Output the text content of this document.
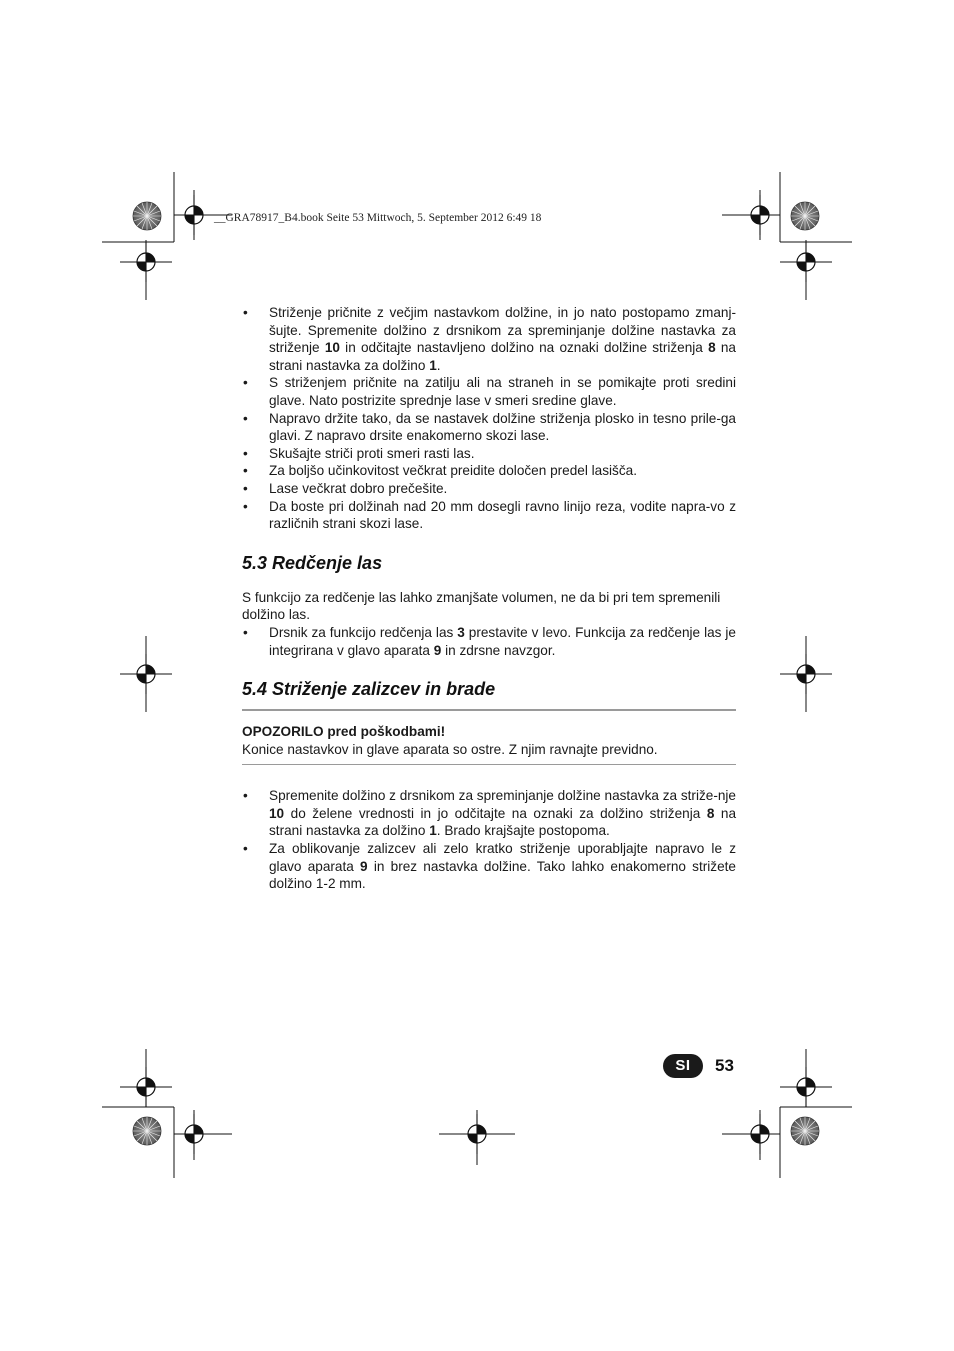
__GRA78917_B4.book Seite 53 Mittwoch, 5. September 2012 6:49 18
• Striženje pričnite z večjim nastavkom dolžine, in jo nato postopamo zmanj-šujte. Spremenite dolžino z drsnikom za spreminjanje dolžine nastavka za striženje 10 in odčitajte nastavljeno dolžino na oznaki dolžine striženja 8 na strani nastavka za dolžino 1.
• S striženjem pričnite na zatilju ali na straneh in se pomikajte proti sredini glave. Nato postrizite sprednje lase v smeri sredine glave.
• Napravo držite tako, da se nastavek dolžine striženja plosko in tesno prile-ga glavi. Z napravo drsite enakomerno skozi lase.
• Skušajte striči proti smeri rasti las.
• Za boljšo učinkovitost večkrat preidite določen predel lasišča.
• Lase večkrat dobro prečešite.
• Da boste pri dolžinah nad 20 mm dosegli ravno linijo reza, vodite napra-vo z različnih strani skozi lase.
5.3 Redčenje las

S funkcijo za redčenje las lahko zmanjšate volumen, ne da bi pri tem spremenili dolžino las.

• Drsnik za funkcijo redčenja las 3 prestavite v levo. Funkcija za redčenje las je integrirana v glavo aparata 9 in zdrsne navzgor.
5.4 Striženje zalizcev in brade

OPOZORILO pred poškodbami!

Konice nastavkov in glave aparata so ostre. Z njim ravnajte previdno.

• Spremenite dolžino z drsnikom za spreminjanje dolžine nastavka za striže-nje 10 do želene vrednosti in jo odčitajte na oznaki za dolžino striženja 8 na strani nastavka za dolžino 1. Brado krajšajte postopoma.
• Za oblikovanje zalizcev ali zelo kratko striženje uporabljajte napravo le z glavo aparata 9 in brez nastavka dolžine. Tako lahko enakomerno strižete dolžino 1-2 mm.
SI	53
